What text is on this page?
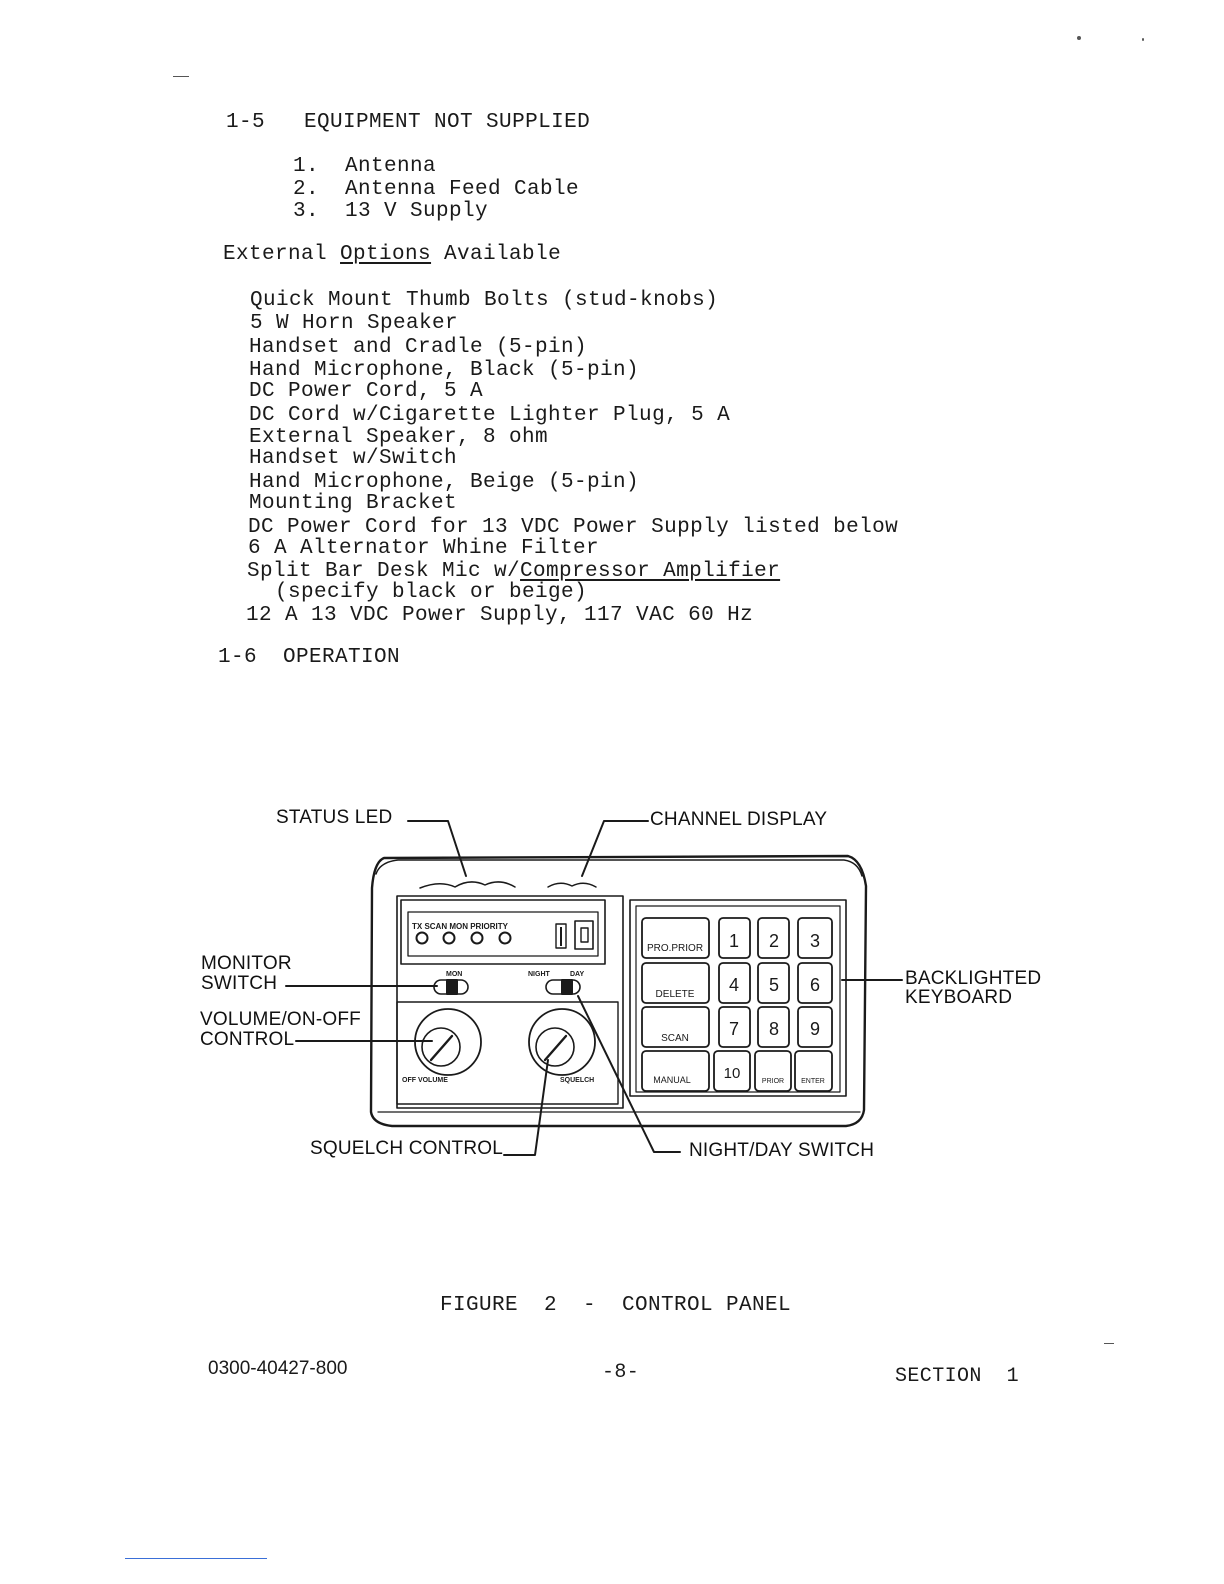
1-5 EQUIPMENT NOT SUPPLIED
1. Antenna
2. Antenna Feed Cable
3. 13 V Supply
External Options Available
Quick Mount Thumb Bolts (stud-knobs)
5 W Horn Speaker
Handset and Cradle (5-pin)
Hand Microphone, Black (5-pin)
DC Power Cord, 5 A
DC Cord w/Cigarette Lighter Plug, 5 A
External Speaker, 8 ohm
Handset w/Switch
Hand Microphone, Beige (5-pin)
Mounting Bracket
DC Power Cord for 13 VDC Power Supply listed below
6 A Alternator Whine Filter
Split Bar Desk Mic w/Compressor Amplifier
(specify black or beige)
12 A 13 VDC Power Supply, 117 VAC 60 Hz
1-6 OPERATION
STATUS LED	CHANNEL DISPLAY
MONITOR
SWITCH
VOLUME/ON-OFF
CONTROL
BACKLIGHTED
KEYBOARD
SQUELCH CONTROL	NIGHT/DAY SWITCH
TX SCAN MON PRIORITY
MON	NIGHT	DAY
OFF VOLUME	SQUELCH
PRO.PRIOR 1 2 3
DELETE 4 5 6
SCAN 7 8 9
MANUAL 10	PRIOR ENTER
FIGURE  2  -  CONTROL PANEL
0300-40427-800	-8-	SECTION  1
